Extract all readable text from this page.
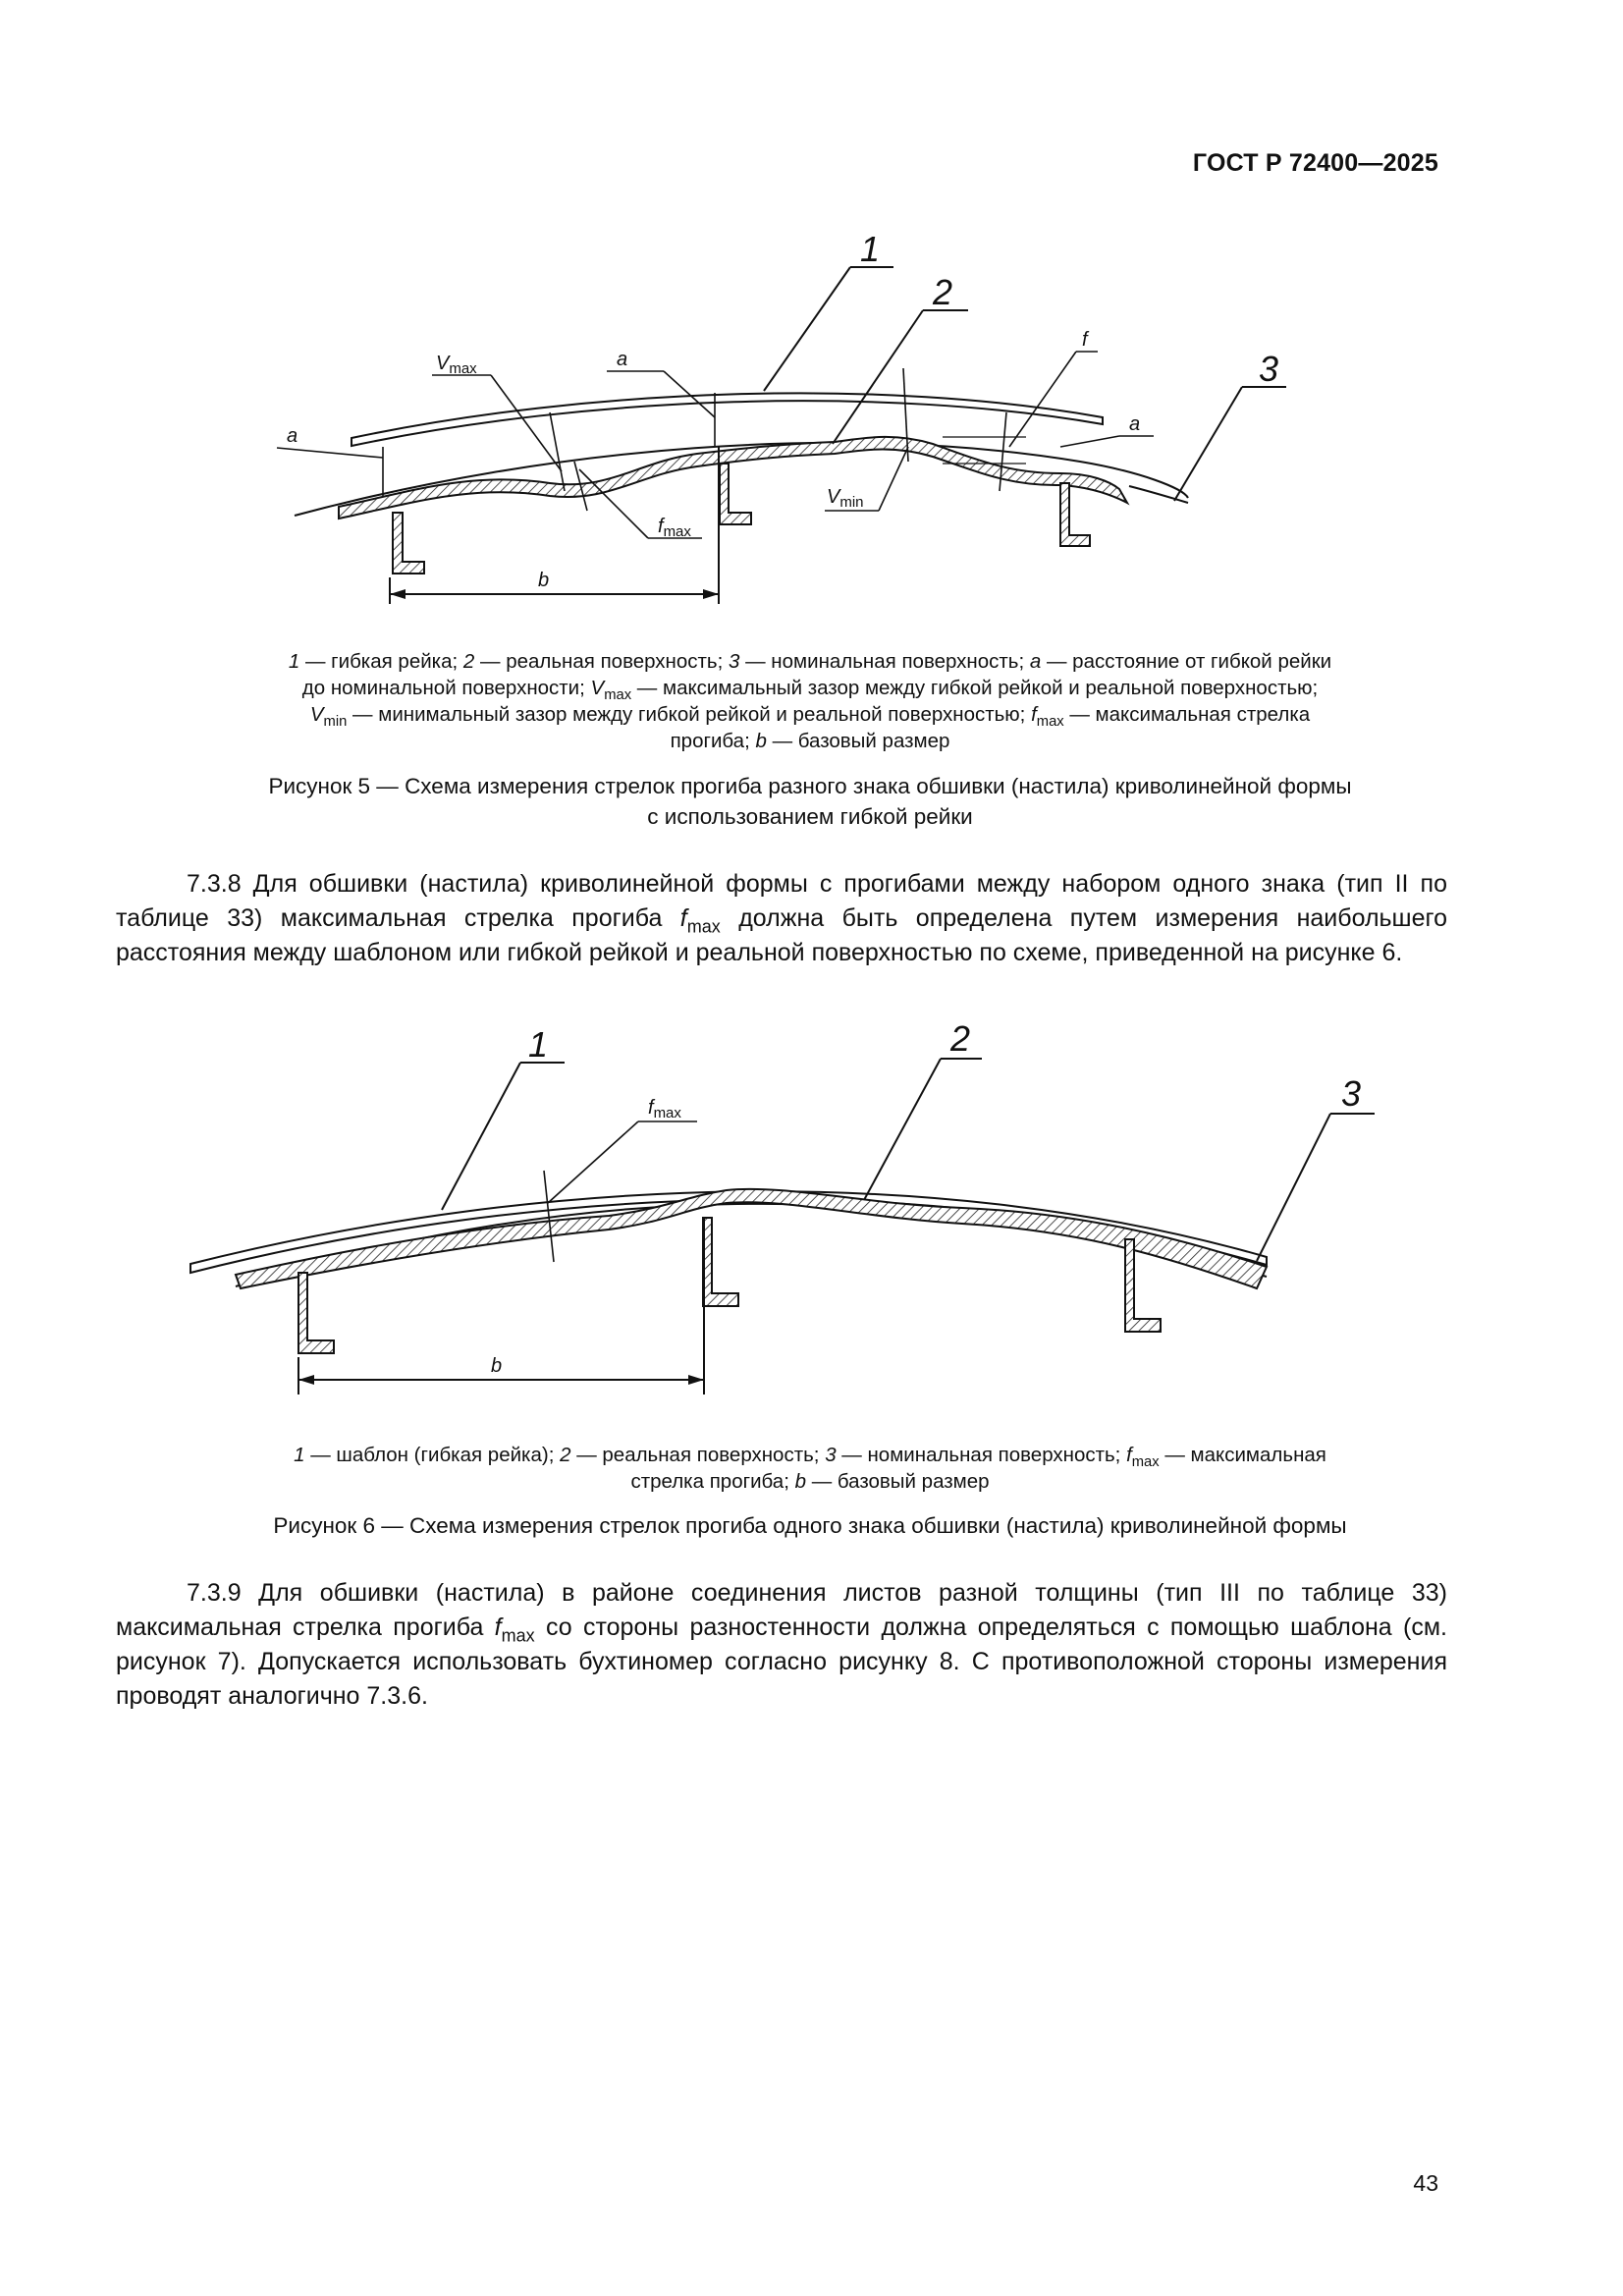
ГОСТ Р 72400—2025
b
1
2
3
a
a
a
$V_{max}$
$f_{max}$
$V_{min}$
f
1 — гибкая рейка; 2 — реальная поверхность; 3 — номинальная поверхность; a — расстояние от гибкой рейки
до номинальной поверхности; $V_{max}$ — максимальный зазор между гибкой рейкой и реальной поверхностью;
$V_{min}$ — минимальный зазор между гибкой рейкой и реальной поверхностью; $f_{max}$ — максимальная стрелка
прогиба; b — базовый размер
Рисунок 5 — Схема измерения стрелок прогиба разного знака обшивки (настила) криволинейной формы
с использованием гибкой рейки
7.3.8 Для обшивки (настила) криволинейной формы с прогибами между набором одного знака (тип II по таблице 33) максимальная стрелка прогиба $f_{max}$ должна быть определена путем измерения наибольшего расстояния между шаблоном или гибкой рейкой и реальной поверхностью по схеме, приведенной на рисунке 6.
b
1	2
3
$f_{max}$
1 — шаблон (гибкая рейка); 2 — реальная поверхность; 3 — номинальная поверхность; $f_{max}$ — максимальная
стрелка прогиба; b — базовый размер
Рисунок 6 — Схема измерения стрелок прогиба одного знака обшивки (настила) криволинейной формы
7.3.9 Для обшивки (настила) в районе соединения листов разной толщины (тип III по таблице 33) максимальная стрелка прогиба $f_{max}$ со стороны разностенности должна определяться с помощью шаблона (см. рисунок 7). Допускается использовать бухтиномер согласно рисунку 8. С противоположной стороны измерения проводят аналогично 7.3.6.
43
